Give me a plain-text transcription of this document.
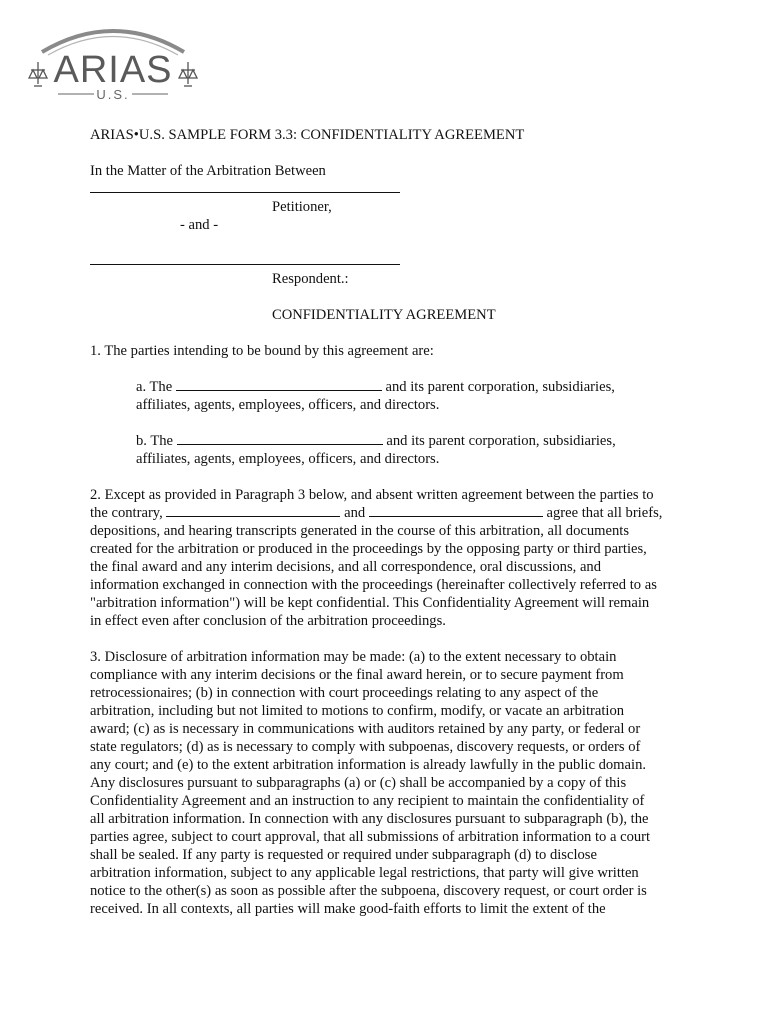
ARIAS
U.S.

ARIAS•U.S. SAMPLE FORM 3.3: CONFIDENTIALITY AGREEMENT

In the Matter of the Arbitration Between

Petitioner,

- and -

Respondent.:

CONFIDENTIALITY AGREEMENT

1. The parties intending to be bound by this agreement are:

a. The	and its parent corporation, subsidiaries,

affiliates, agents, employees, officers, and directors.

b. The	and its parent corporation, subsidiaries,

affiliates, agents, employees, officers, and directors.

2. Except as provided in Paragraph 3 below, and absent written agreement between the parties to

the contrary,	and	agree that all briefs,

depositions, and hearing transcripts generated in the course of this arbitration, all documents

created for the arbitration or produced in the proceedings by the opposing party or third parties,

the final award and any interim decisions, and all correspondence, oral discussions, and

information exchanged in connection with the proceedings (hereinafter collectively referred to as

"arbitration information") will be kept confidential. This Confidentiality Agreement will remain

in effect even after conclusion of the arbitration proceedings.

3. Disclosure of arbitration information may be made: (a) to the extent necessary to obtain

compliance with any interim decisions or the final award herein, or to secure payment from

retrocessionaires; (b) in connection with court proceedings relating to any aspect of the

arbitration, including but not limited to motions to confirm, modify, or vacate an arbitration

award; (c) as is necessary in communications with auditors retained by any party, or federal or

state regulators; (d) as is necessary to comply with subpoenas, discovery requests, or orders of

any court; and (e) to the extent arbitration information is already lawfully in the public domain.

Any disclosures pursuant to subparagraphs (a) or (c) shall be accompanied by a copy of this

Confidentiality Agreement and an instruction to any recipient to maintain the confidentiality of

all arbitration information. In connection with any disclosures pursuant to subparagraph (b), the

parties agree, subject to court approval, that all submissions of arbitration information to a court

shall be sealed. If any party is requested or required under subparagraph (d) to disclose

arbitration information, subject to any applicable legal restrictions, that party will give written

notice to the other(s) as soon as possible after the subpoena, discovery request, or court order is

received. In all contexts, all parties will make good-faith efforts to limit the extent of the
